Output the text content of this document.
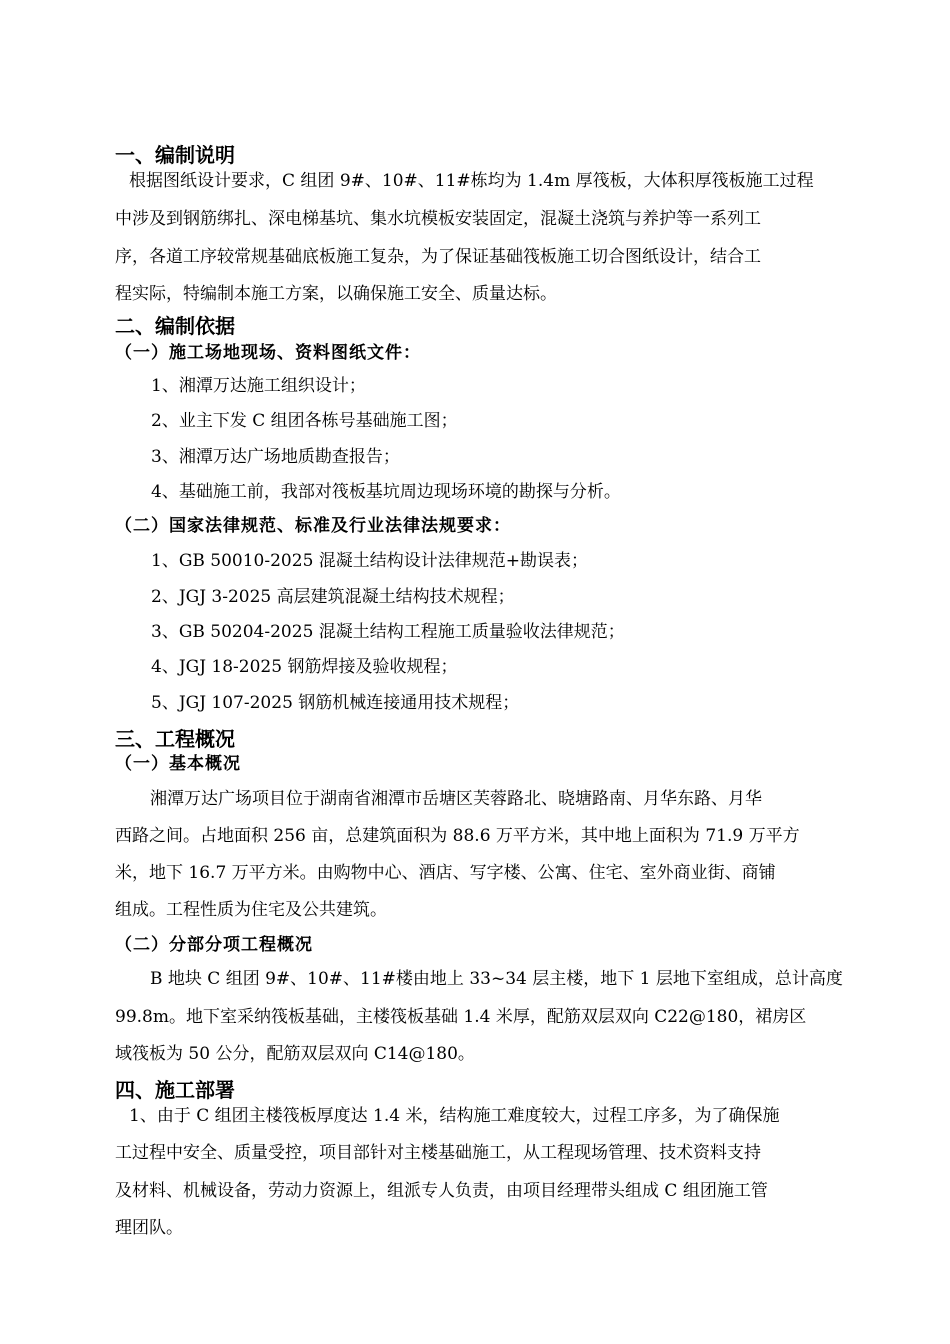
一、编制说明
根据图纸设计要求，C 组团 9#、10#、11#栋均为 1.4m 厚筏板，大体积厚筏板施工过程
中涉及到钢筋绑扎、深电梯基坑、集水坑模板安装固定，混凝土浇筑与养护等一系列工
序，各道工序较常规基础底板施工复杂，为了保证基础筏板施工切合图纸设计，结合工
程实际，特编制本施工方案，以确保施工安全、质量达标。
二、编制依据
（一）施工场地现场、资料图纸文件：
1、湘潭万达施工组织设计；
2、业主下发 C 组团各栋号基础施工图；
3、湘潭万达广场地质勘查报告；
4、基础施工前，我部对筏板基坑周边现场环境的勘探与分析。
（二）国家法律规范、标准及行业法律法规要求：
1、GB 50010-2025 混凝土结构设计法律规范+勘误表；
2、JGJ 3-2025 高层建筑混凝土结构技术规程；
3、GB 50204-2025 混凝土结构工程施工质量验收法律规范；
4、JGJ 18-2025 钢筋焊接及验收规程；
5、JGJ 107-2025 钢筋机械连接通用技术规程；
三、工程概况
（一）基本概况
湘潭万达广场项目位于湖南省湘潭市岳塘区芙蓉路北、晓塘路南、月华东路、月华
西路之间。占地面积 256 亩，总建筑面积为 88.6 万平方米，其中地上面积为 71.9 万平方
米，地下 16.7 万平方米。由购物中心、酒店、写字楼、公寓、住宅、室外商业街、商铺
组成。工程性质为住宅及公共建筑。
（二）分部分项工程概况
B 地块 C 组团 9#、10#、11#楼由地上 33~34 层主楼，地下 1 层地下室组成，总计高度
99.8m。地下室采纳筏板基础，主楼筏板基础 1.4 米厚，配筋双层双向 C22@180，裙房区
域筏板为 50 公分，配筋双层双向 C14@180。
四、施工部署
1、由于 C 组团主楼筏板厚度达 1.4 米，结构施工难度较大，过程工序多，为了确保施
工过程中安全、质量受控，项目部针对主楼基础施工，从工程现场管理、技术资料支持
及材料、机械设备，劳动力资源上，组派专人负责，由项目经理带头组成 C 组团施工管
理团队。
